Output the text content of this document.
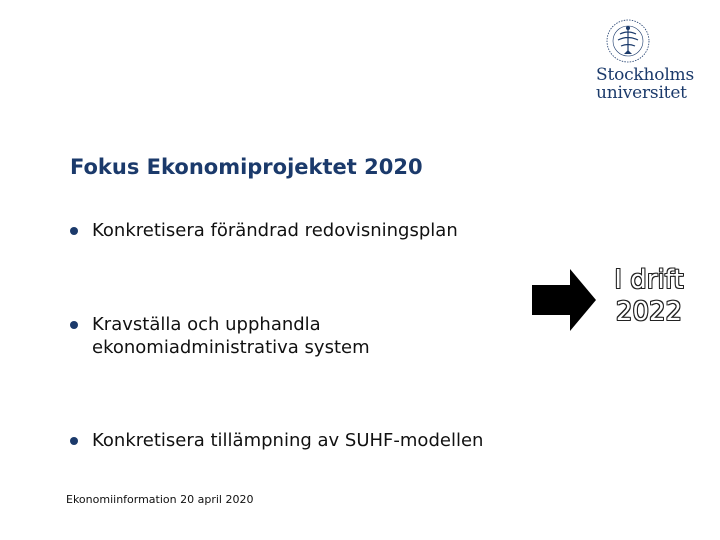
Stockholms
universitet
Fokus Ekonomiprojektet 2020
Konkretisera förändrad redovisningsplan
Kravställa och upphandla ekonomiadministrativa system
Konkretisera tillämpning av SUHF-modellen
I drift 2022
Ekonomiinformation 20 april 2020
